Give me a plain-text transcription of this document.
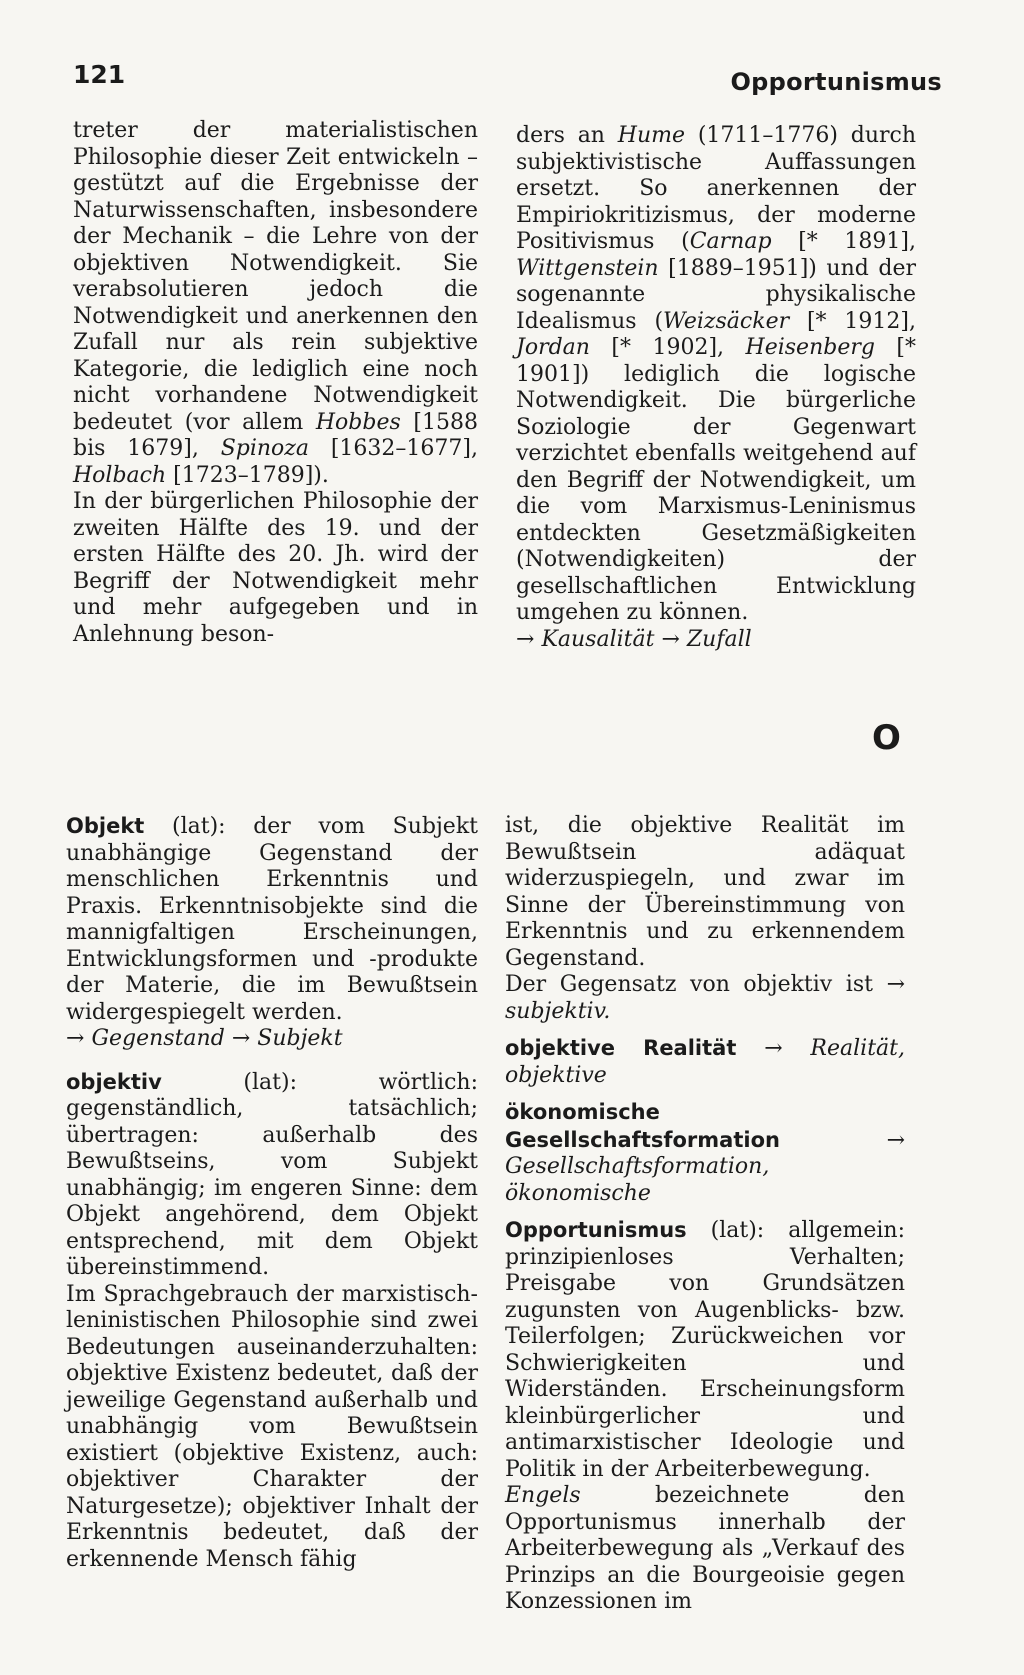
121	Opportunismus

treter der materialistischen Philosophie dieser Zeit entwickeln – gestützt auf die Ergebnisse der Naturwissenschaften, insbesondere der Mechanik – die Lehre von der objektiven Notwendigkeit. Sie verabsolutieren jedoch die Notwendigkeit und anerkennen den Zufall nur als rein subjektive Kategorie, die lediglich eine noch nicht vorhandene Notwendigkeit bedeutet (vor allem Hobbes [1588 bis 1679], Spinoza [1632–1677], Holbach [1723–1789]).

In der bürgerlichen Philosophie der zweiten Hälfte des 19. und der ersten Hälfte des 20. Jh. wird der Begriff der Notwendigkeit mehr und mehr aufgegeben und in Anlehnung beson-

ders an Hume (1711–1776) durch subjektivistische Auffassungen ersetzt. So anerkennen der Empiriokritizismus, der moderne Positivismus (Carnap [* 1891], Wittgenstein [1889–1951]) und der sogenannte physikalische Idealismus (Weizsäcker [* 1912], Jordan [* 1902], Heisenberg [* 1901]) lediglich die logische Notwendigkeit. Die bürgerliche Soziologie der Gegenwart verzichtet ebenfalls weitgehend auf den Begriff der Notwendigkeit, um die vom Marxismus-Leninismus entdeckten Gesetzmäßigkeiten (Notwendigkeiten) der gesellschaftlichen Entwicklung umgehen zu können.

→ Kausalität → Zufall
O

Objekt (lat): der vom Subjekt unabhängige Gegenstand der menschlichen Erkenntnis und Praxis. Erkenntnisobjekte sind die mannigfaltigen Erscheinungen, Entwicklungsformen und -produkte der Materie, die im Bewußtsein widergespiegelt werden.

→ Gegenstand → Subjekt

objektiv (lat): wörtlich: gegenständlich, tatsächlich; übertragen: außerhalb des Bewußtseins, vom Subjekt unabhängig; im engeren Sinne: dem Objekt angehörend, dem Objekt entsprechend, mit dem Objekt übereinstimmend.

Im Sprachgebrauch der marxistisch-leninistischen Philosophie sind zwei Bedeutungen auseinanderzuhalten: objektive Existenz bedeutet, daß der jeweilige Gegenstand außerhalb und unabhängig vom Bewußtsein existiert (objektive Existenz, auch: objektiver Charakter der Naturgesetze); objektiver Inhalt der Erkenntnis bedeutet, daß der erkennende Mensch fähig

ist, die objektive Realität im Bewußtsein adäquat widerzuspiegeln, und zwar im Sinne der Übereinstimmung von Erkenntnis und zu erkennendem Gegenstand.

Der Gegensatz von objektiv ist → subjektiv.

objektive Realität → Realität, objektive

ökonomische Gesellschaftsformation	→ Gesellschaftsformation, ökonomische

Opportunismus (lat): allgemein: prinzipienloses Verhalten; Preisgabe von Grundsätzen zugunsten von Augenblicks- bzw. Teilerfolgen; Zurückweichen vor Schwierigkeiten und Widerständen. Erscheinungsform kleinbürgerlicher und antimarxistischer Ideologie und Politik in der Arbeiterbewegung.

Engels bezeichnete den Opportunismus innerhalb der Arbeiterbewegung als „Verkauf des Prinzips an die Bourgeoisie gegen Konzessionen im
